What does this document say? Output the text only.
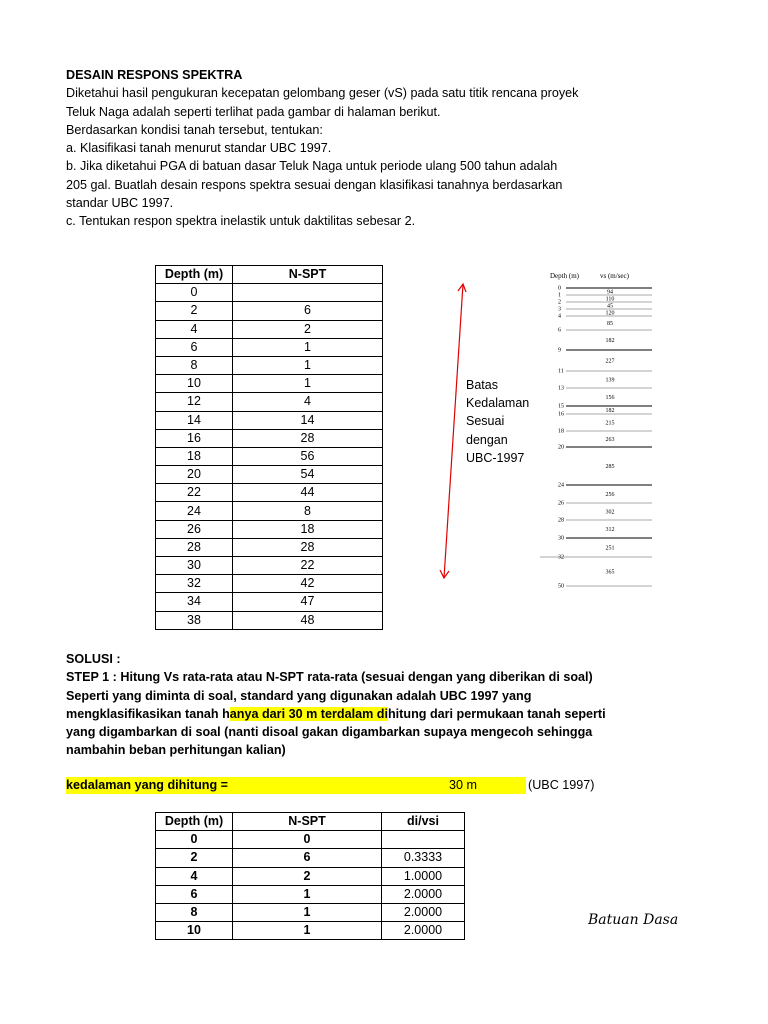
DESAIN RESPONS SPEKTRA
Diketahui hasil pengukuran kecepatan gelombang geser (vS) pada satu titik rencana proyek
Teluk Naga adalah seperti terlihat pada gambar di halaman berikut.
Berdasarkan kondisi tanah tersebut, tentukan:
a. Klasifikasi tanah menurut standar UBC 1997.
b. Jika diketahui PGA di batuan dasar Teluk Naga untuk periode ulang 500 tahun adalah
205 gal. Buatlah desain respons spektra sesuai dengan klasifikasi tanahnya berdasarkan
standar UBC 1997.
c. Tentukan respon spektra inelastik untuk daktilitas sebesar 2.
Depth (m)	N-SPT
0	
2	6
4	2
6	1
8	1
10	1
12	4
14	14
16	28
18	56
20	54
22	44
24	8
26	18
28	28
30	22
32	42
34	47
38	48
Batas
Kedalaman
Sesuai
dengan
UBC-1997
Depth (m)	vs (m/sec)
0
1
2
3
4
6
9
11
13
15
16
18
20
24
26
28
30
32
50
94
110
45
120
85
182
227
139
156
182
215
263
285
256
302
312
251
365
SOLUSI :
STEP 1 : Hitung Vs rata-rata atau N-SPT rata-rata (sesuai dengan yang diberikan di soal)
Seperti yang diminta di soal, standard yang digunakan adalah UBC 1997 yang
mengklasifikasikan tanah hanya dari 30 m terdalam dihitung dari permukaan tanah seperti
yang digambarkan di soal (nanti disoal gakan digambarkan supaya mengecoh sehingga
nambahin beban perhitungan kalian)
kedalaman yang dihitung =	30 m	(UBC 1997)
Depth (m)	N-SPT	di/vsi
0	0	
2	6	0.3333
4	2	1.0000
6	1	2.0000
8	1	2.0000
10	1	2.0000
Batuan Dasa
